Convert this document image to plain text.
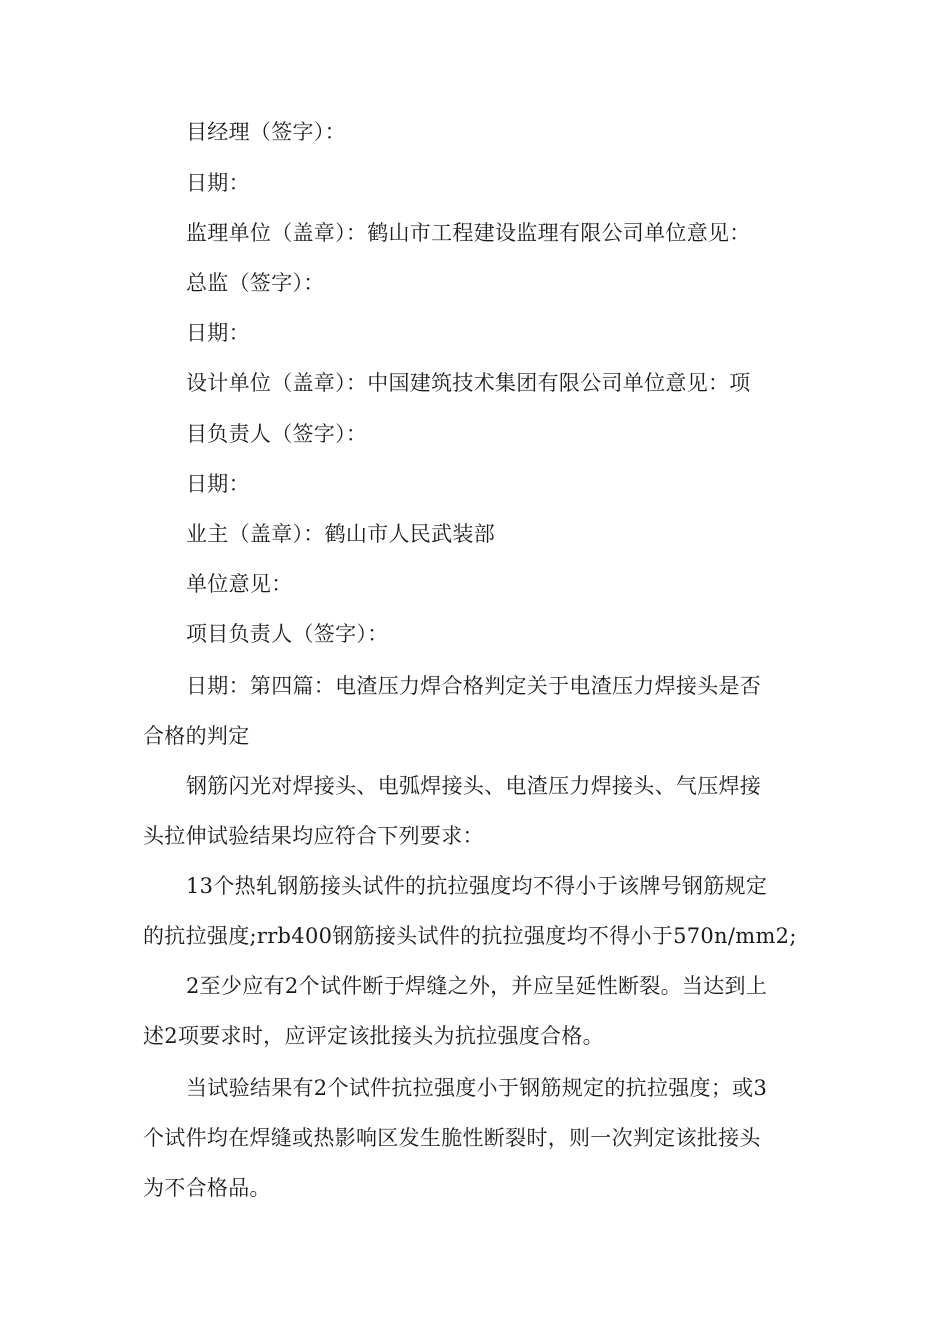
目经理（签字）：
日期：
监理单位（盖章）：鹤山市工程建设监理有限公司单位意见：
总监（签字）：
日期：
设计单位（盖章）：中国建筑技术集团有限公司单位意见：项
目负责人（签字）：
日期：
业主（盖章）：鹤山市人民武装部
单位意见：
项目负责人（签字）：
日期：第四篇：电渣压力焊合格判定关于电渣压力焊接头是否
合格的判定
钢筋闪光对焊接头、电弧焊接头、电渣压力焊接头、气压焊接
头拉伸试验结果均应符合下列要求：
13个热轧钢筋接头试件的抗拉强度均不得小于该牌号钢筋规定
的抗拉强度;rrb400钢筋接头试件的抗拉强度均不得小于570n/mm2;
2至少应有2个试件断于焊缝之外，并应呈延性断裂。当达到上
述2项要求时，应评定该批接头为抗拉强度合格。
当试验结果有2个试件抗拉强度小于钢筋规定的抗拉强度；或3
个试件均在焊缝或热影响区发生脆性断裂时，则一次判定该批接头
为不合格品。
